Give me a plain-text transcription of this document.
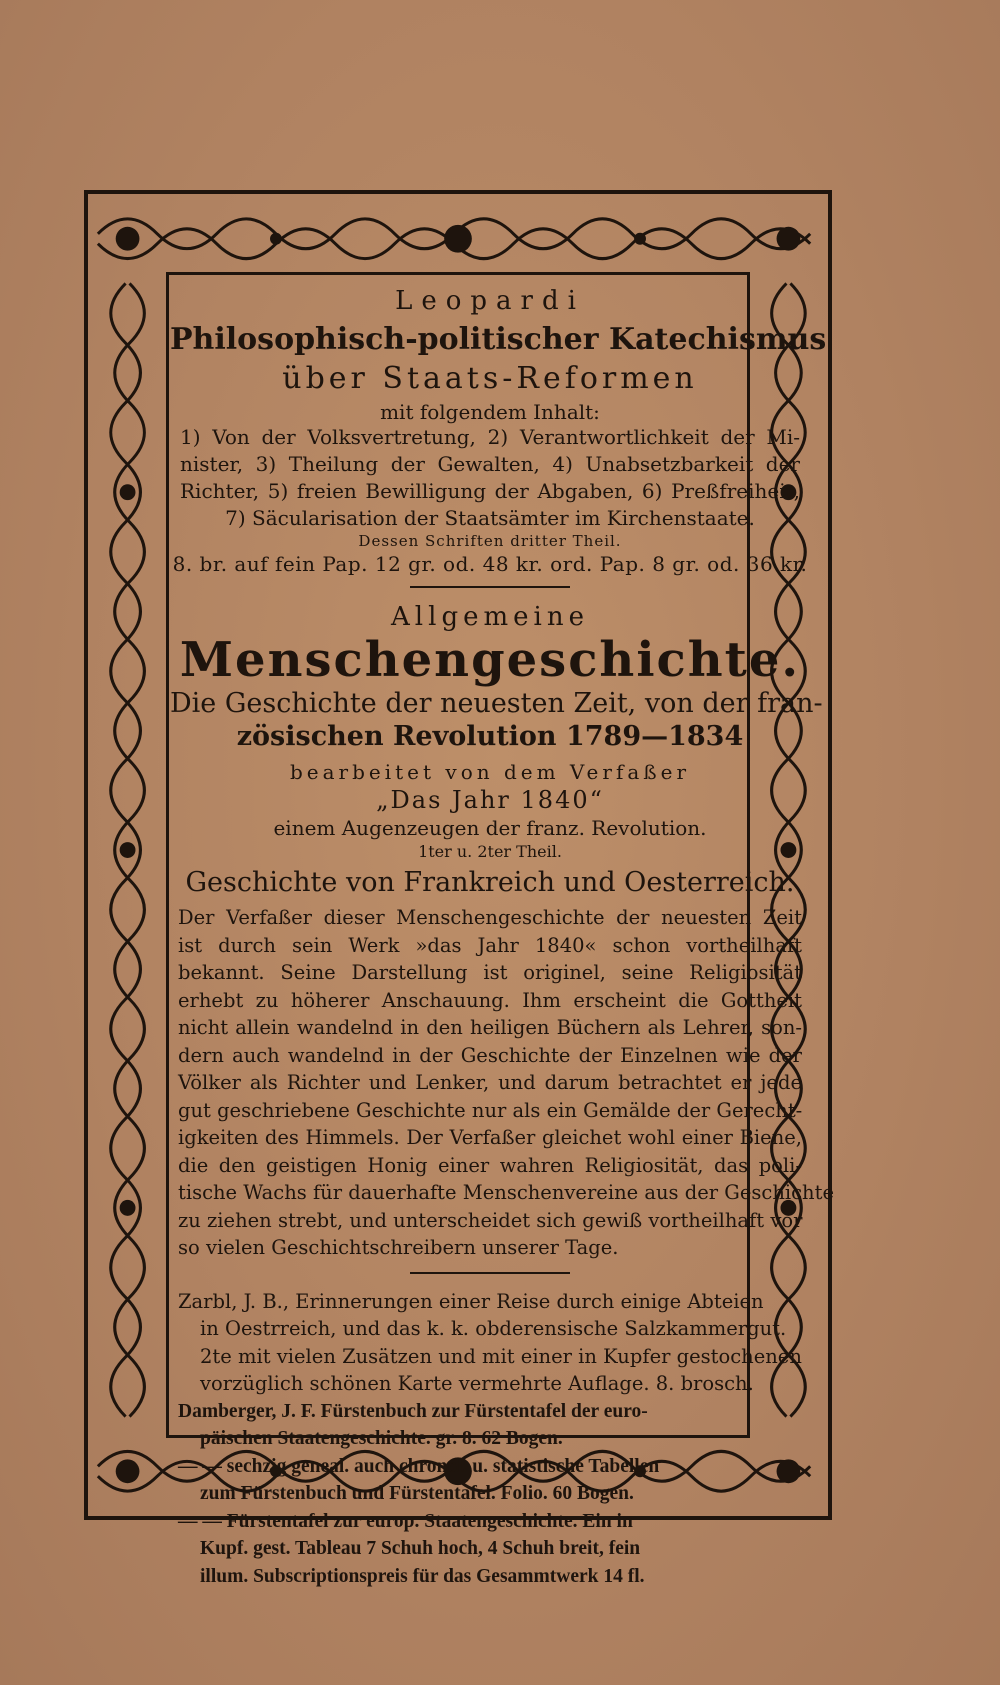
Leopardi

Philosophisch-politischer Katechismus

über Staats-Reformen

mit folgendem Inhalt:

1) Von der Volksvertretung, 2) Verantwortlichkeit der Mi-
nister, 3) Theilung der Gewalten, 4) Unabsetzbarkeit der
Richter, 5) freien Bewilligung der Abgaben, 6) Preßfreiheit,
7) Säcularisation der Staatsämter im Kirchenstaate.

Dessen Schriften dritter Theil.

8. br. auf fein Pap. 12 gr. od. 48 kr. ord. Pap. 8 gr. od. 36 kr.

Allgemeine

Menschengeschichte.

Die Geschichte der neuesten Zeit, von der fran-

zösischen Revolution 1789—1834

bearbeitet von dem Verfaßer

„Das Jahr 1840“

einem Augenzeugen der franz. Revolution.

1ter u. 2ter Theil.

Geschichte von Frankreich und Oesterreich.

Der Verfaßer dieser Menschengeschichte der neuesten Zeit
ist durch sein Werk »das Jahr 1840« schon vortheilhaft
bekannt. Seine Darstellung ist originel, seine Religiosität
erhebt zu höherer Anschauung. Ihm erscheint die Gottheit
nicht allein wandelnd in den heiligen Büchern als Lehrer, son-
dern auch wandelnd in der Geschichte der Einzelnen wie der
Völker als Richter und Lenker, und darum betrachtet er jede
gut geschriebene Geschichte nur als ein Gemälde der Gerecht-
igkeiten des Himmels. Der Verfaßer gleichet wohl einer Biene,
die den geistigen Honig einer wahren Religiosität, das poli-
tische Wachs für dauerhafte Menschenvereine aus der Geschichte
zu ziehen strebt, und unterscheidet sich gewiß vortheilhaft vor
so vielen Geschichtschreibern unserer Tage.
Zarbl, J. B., Erinnerungen einer Reise durch einige Abteien
in Oestrreich, und das k. k. obderensische Salzkammergut.
2te mit vielen Zusätzen und mit einer in Kupfer gestochenen
vorzüglich schönen Karte vermehrte Auflage. 8. brosch.
Damberger, J. F. Fürstenbuch zur Fürstentafel der euro-
päischen Staatengeschichte. gr. 8. 62 Bogen.
— — sechzig geneal. auch chronol. u. statistische Tabellen
zum Fürstenbuch und Fürstentafel. Folio. 60 Bogen.
— — Fürstentafel zur europ. Staatengeschichte. Ein in
Kupf. gest. Tableau 7 Schuh hoch, 4 Schuh breit, fein
illum. Subscriptionspreis für das Gesammtwerk 14 fl.
